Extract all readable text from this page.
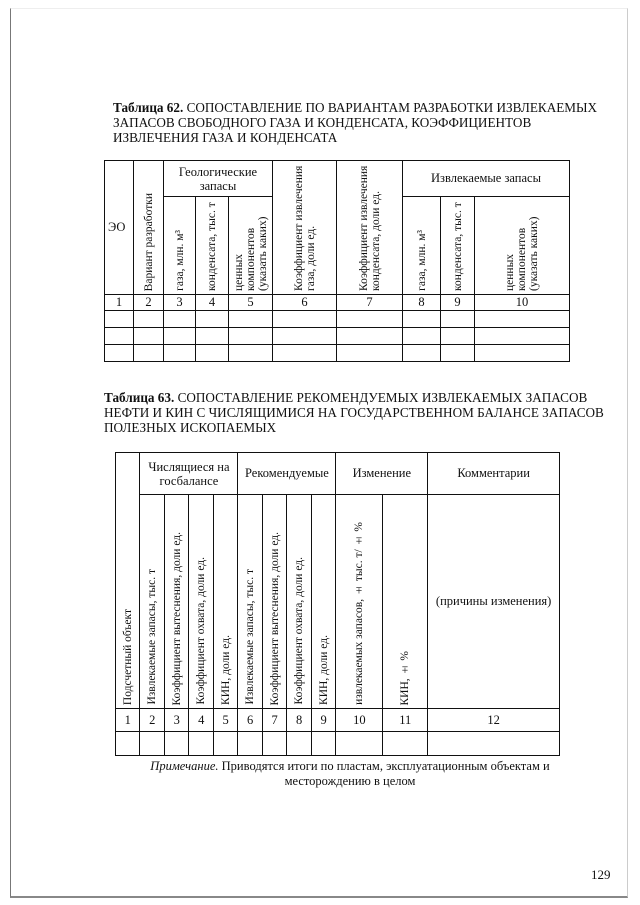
Таблица 62. СОПОСТАВЛЕНИЕ ПО ВАРИАНТАМ РАЗРАБОТКИ ИЗВЛЕКАЕМЫХ ЗАПАСОВ СВОБОДНОГО ГАЗА И КОНДЕНСАТА, КОЭФФИЦИЕНТОВ ИЗВЛЕЧЕНИЯ ГАЗА И КОНДЕНСАТА
ЭО	Вариант разработки	Геологические запасы			Коэффициент извлечения газа, доли ед.	Коэффициент извлечения конденсата, доли ед.	Извлекаемые запасы		

		газа, млн. м³	конденсата, тыс. т	ценных компонентов (указать каких)			газа, млн. м³	конденсата, тыс. т	ценных компонентов (указать каких)

1	2	3	4	5	6	7	8	9	10

Таблица 63. СОПОСТАВЛЕНИЕ РЕКОМЕНДУЕМЫХ ИЗВЛЕКАЕМЫХ ЗАПАСОВ НЕФТИ И КИН С ЧИСЛЯЩИМИСЯ НА ГОСУДАРСТВЕННОМ БАЛАНСЕ ЗАПАСОВ ПОЛЕЗНЫХ ИСКОПАЕМЫХ
Подсчетный объект	Числящиеся на госбалансе				Рекомендуемые				Изменение		Комментарии

	Извлекаемые запасы, тыс. т	Коэффициент вытеснения, доли ед.	Коэффициент охвата, доли ед.	КИН, доли ед.	Извлекаемые запасы, тыс. т	Коэффициент вытеснения, доли ед.	Коэффициент охвата, доли ед.	КИН, доли ед.	извлекаемых запасов, ± тыс. т/ ± %	КИН, ± %	(причины изменения)
1	2	3	4	5	6	7	8	9	10	11	12

Примечание. Приводятся итоги по пластам, эксплуатационным объектам и месторождению в целом
129
